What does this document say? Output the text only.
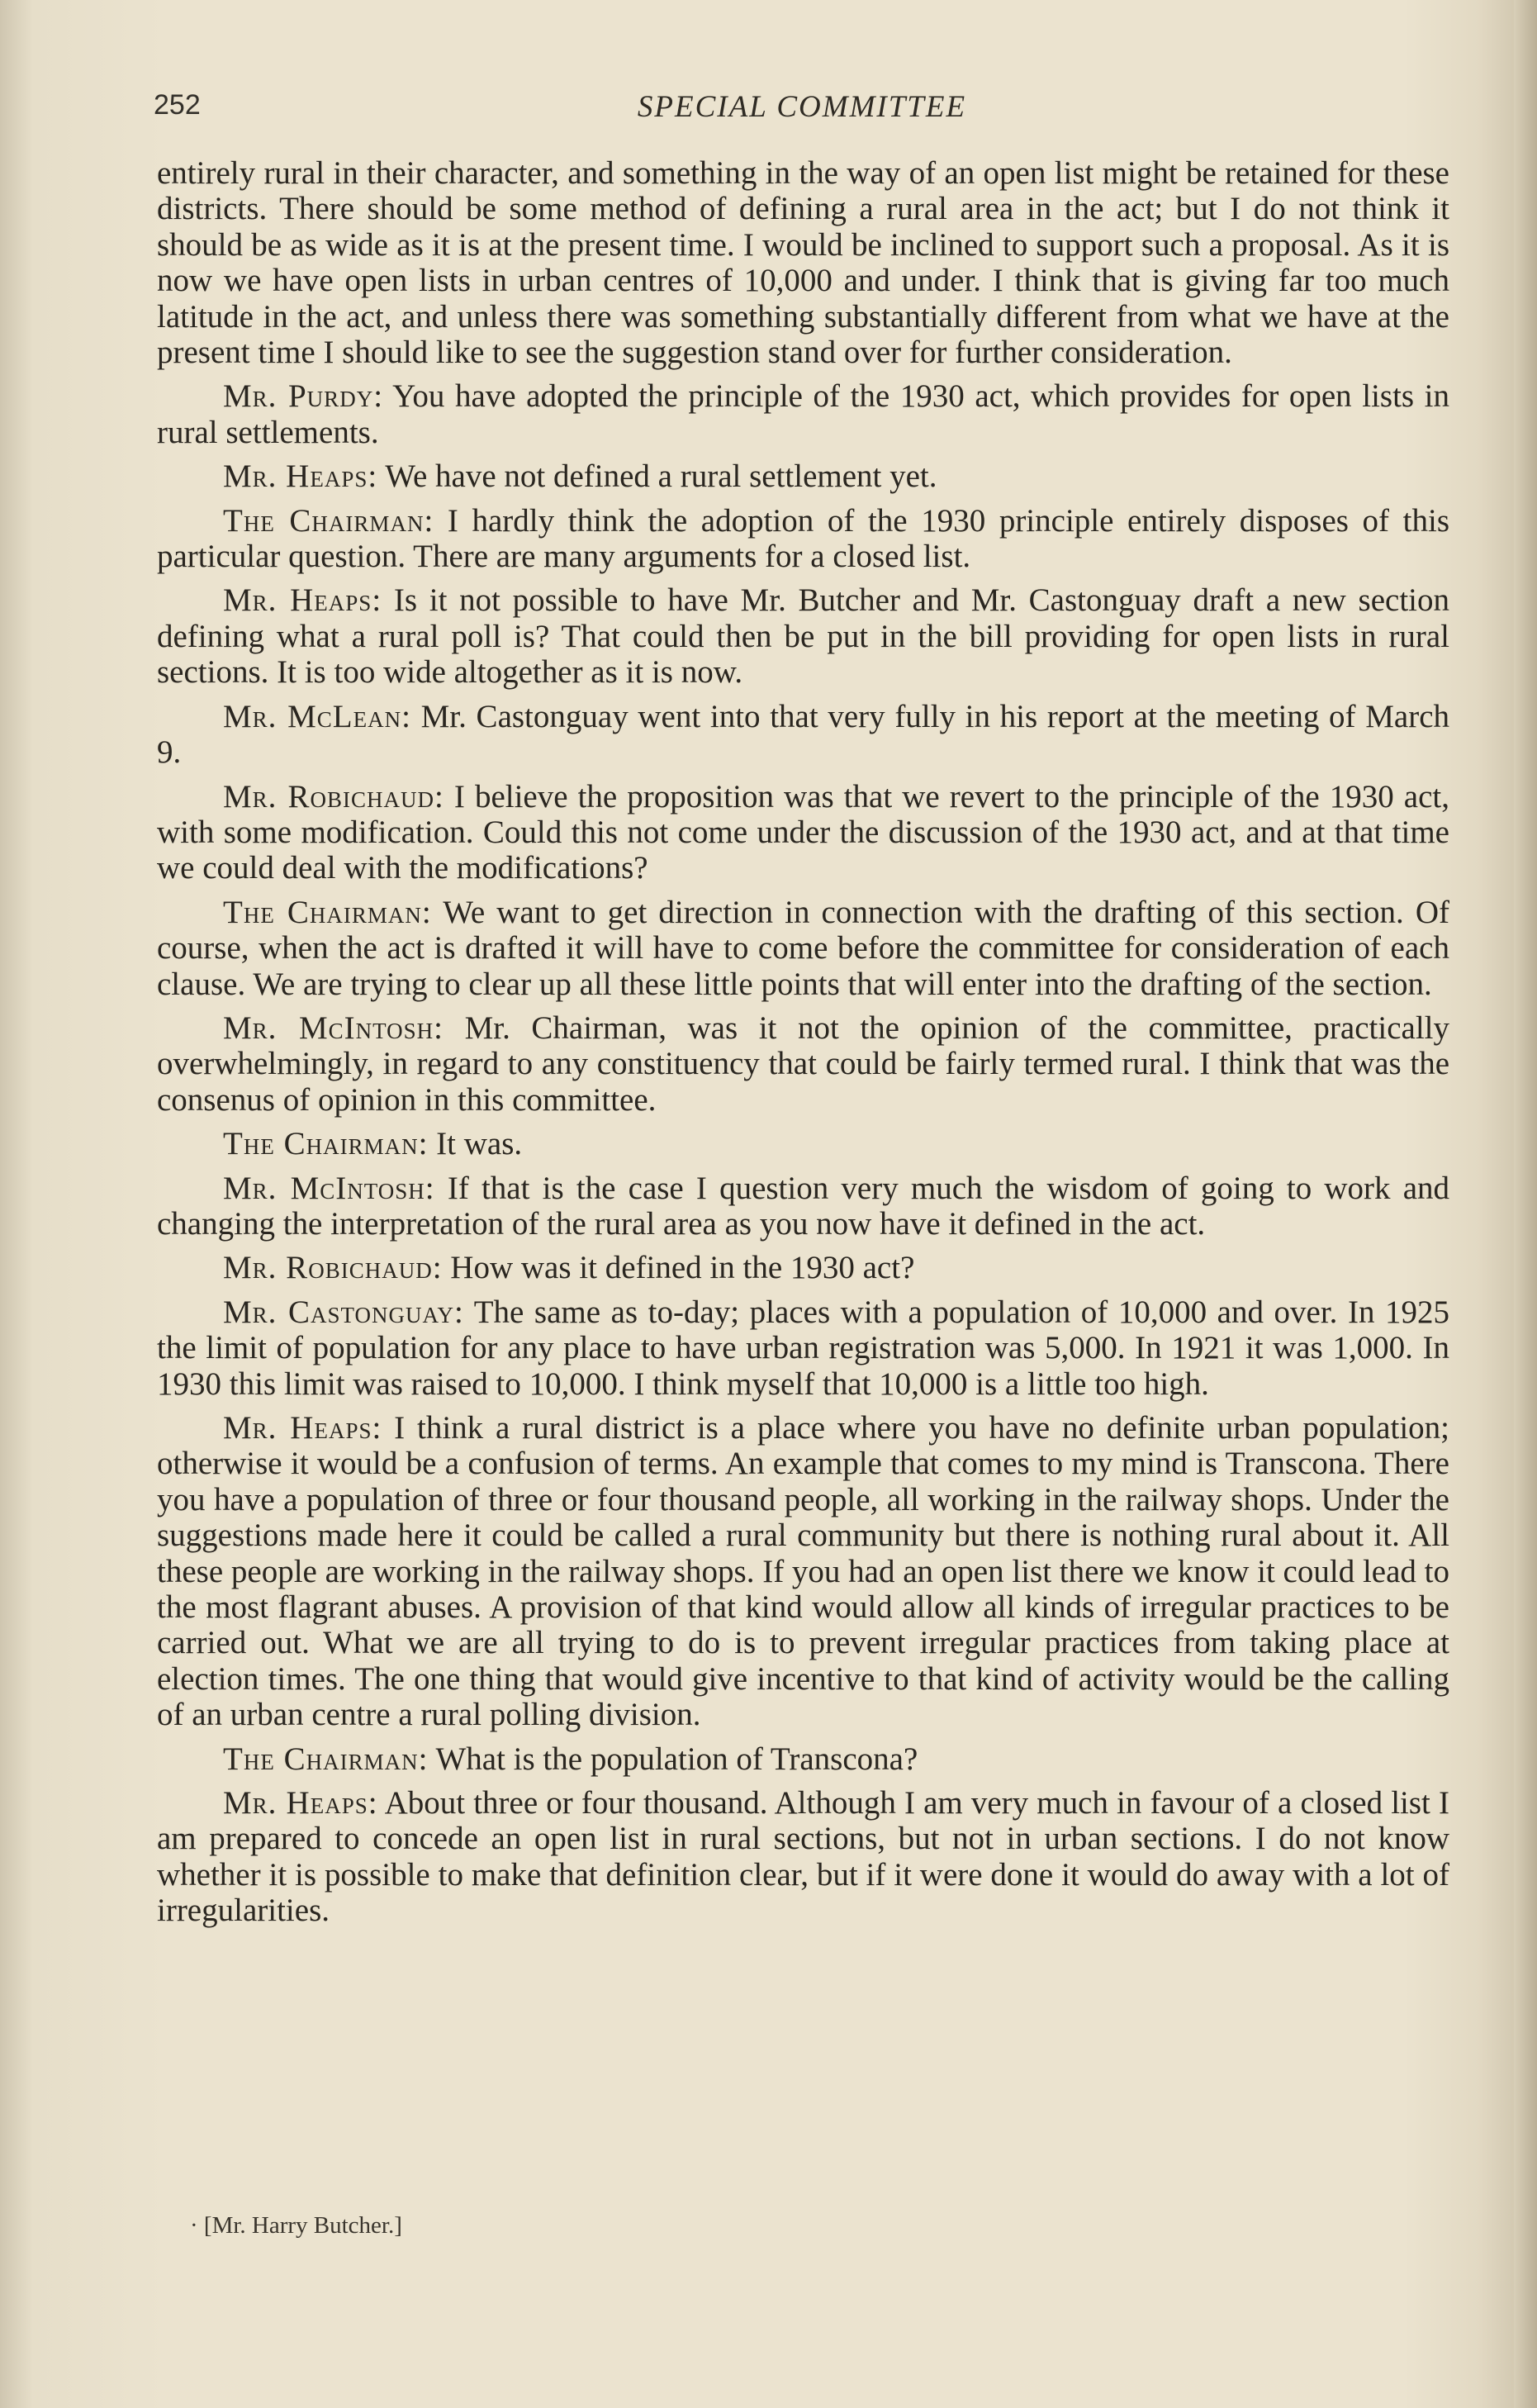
252	SPECIAL COMMITTEE

entirely rural in their character, and something in the way of an open list might be retained for these districts. There should be some method of defining a rural area in the act; but I do not think it should be as wide as it is at the present time. I would be inclined to support such a proposal. As it is now we have open lists in urban centres of 10,000 and under. I think that is giving far too much latitude in the act, and unless there was something substantially different from what we have at the present time I should like to see the suggestion stand over for further consideration.

Mr. Purdy: You have adopted the principle of the 1930 act, which provides for open lists in rural settlements.

Mr. Heaps: We have not defined a rural settlement yet.

The Chairman: I hardly think the adoption of the 1930 principle entirely disposes of this particular question. There are many arguments for a closed list.

Mr. Heaps: Is it not possible to have Mr. Butcher and Mr. Castonguay draft a new section defining what a rural poll is? That could then be put in the bill providing for open lists in rural sections. It is too wide altogether as it is now.

Mr. McLean: Mr. Castonguay went into that very fully in his report at the meeting of March 9.

Mr. Robichaud: I believe the proposition was that we revert to the principle of the 1930 act, with some modification. Could this not come under the discussion of the 1930 act, and at that time we could deal with the modifications?

The Chairman: We want to get direction in connection with the drafting of this section. Of course, when the act is drafted it will have to come before the committee for consideration of each clause. We are trying to clear up all these little points that will enter into the drafting of the section.

Mr. McIntosh: Mr. Chairman, was it not the opinion of the committee, practically overwhelmingly, in regard to any constituency that could be fairly termed rural. I think that was the consenus of opinion in this committee.

The Chairman: It was.

Mr. McIntosh: If that is the case I question very much the wisdom of going to work and changing the interpretation of the rural area as you now have it defined in the act.

Mr. Robichaud: How was it defined in the 1930 act?

Mr. Castonguay: The same as to-day; places with a population of 10,000 and over. In 1925 the limit of population for any place to have urban registration was 5,000. In 1921 it was 1,000. In 1930 this limit was raised to 10,000. I think myself that 10,000 is a little too high.

Mr. Heaps: I think a rural district is a place where you have no definite urban population; otherwise it would be a confusion of terms. An example that comes to my mind is Transcona. There you have a population of three or four thousand people, all working in the railway shops. Under the suggestions made here it could be called a rural community but there is nothing rural about it. All these people are working in the railway shops. If you had an open list there we know it could lead to the most flagrant abuses. A provision of that kind would allow all kinds of irregular practices to be carried out. What we are all trying to do is to prevent irregular practices from taking place at election times. The one thing that would give incentive to that kind of activity would be the calling of an urban centre a rural polling division.

The Chairman: What is the population of Transcona?

Mr. Heaps: About three or four thousand. Although I am very much in favour of a closed list I am prepared to concede an open list in rural sections, but not in urban sections. I do not know whether it is possible to make that definition clear, but if it were done it would do away with a lot of irregularities.

· [Mr. Harry Butcher.]
